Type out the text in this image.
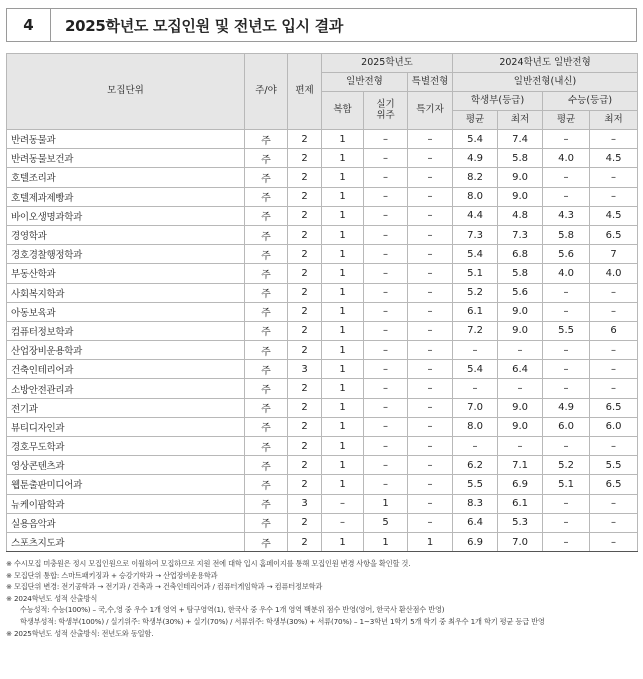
4	2025학년도 모집인원 및 전년도 입시 결과
모집단위	주/야	편제	2025학년도			2024학년도 일반전형			
			일반전형		특별전형	일반전형(내신)			
			복합	실기위주	특기자	학생부(등급)		수능(등급)	
						평균	최저	평균	최저
반려동물과	주	2	1	–	–	5.4	7.4	–	–
반려동물보건과	주	2	1	–	–	4.9	5.8	4.0	4.5
호텔조리과	주	2	1	–	–	8.2	9.0	–	–
호텔제과제빵과	주	2	1	–	–	8.0	9.0	–	–
바이오생명과학과	주	2	1	–	–	4.4	4.8	4.3	4.5
경영학과	주	2	1	–	–	7.3	7.3	5.8	6.5
경호경찰행정학과	주	2	1	–	–	5.4	6.8	5.6	7
부동산학과	주	2	1	–	–	5.1	5.8	4.0	4.0
사회복지학과	주	2	1	–	–	5.2	5.6	–	–
아동보육과	주	2	1	–	–	6.1	9.0	–	–
컴퓨터정보학과	주	2	1	–	–	7.2	9.0	5.5	6
산업장비운용학과	주	2	1	–	–	–	–	–	–
건축인테리어과	주	3	1	–	–	5.4	6.4	–	–
소방안전관리과	주	2	1	–	–	–	–	–	–
전기과	주	2	1	–	–	7.0	9.0	4.9	6.5
뷰티디자인과	주	2	1	–	–	8.0	9.0	6.0	6.0
경호무도학과	주	2	1	–	–	–	–	–	–
영상콘텐츠과	주	2	1	–	–	6.2	7.1	5.2	5.5
웹툰출판미디어과	주	2	1	–	–	5.5	6.9	5.1	6.5
뉴케이팝학과	주	3	–	1	–	8.3	6.1	–	–
실용음악과	주	2	–	5	–	6.4	5.3	–	–
스포츠지도과	주	2	1	1	1	6.9	7.0	–	–
※ 수시모집 미충원은 정시 모집인원으로 이월하여 모집하므로 지원 전에 대학 입시 홈페이지를 통해 모집인원 변경 사항을 확인할 것.
※ 모집단위 통합: 스마트패키징과 + 승강기학과 → 산업장비운용학과
※ 모집단위 변경: 전기공학과 → 전기과 / 건축과 → 건축인테리어과 / 컴퓨터게임학과 → 컴퓨터정보학과
※ 2024학년도 성적 산출방식
수능성적: 수능(100%) – 국,수,영 중 우수 1개 영역 + 탐구영역(1), 한국사 중 우수 1개 영역 백분위 점수 반영(영어, 한국사 환산점수 반영)
학생부성적: 학생부(100%) / 실기위주: 학생부(30%) + 실기(70%) / 서류위주: 학생부(30%) + 서류(70%) – 1~3학년 1학기 5개 학기 중 최우수 1개 학기 평균 등급 반영
※ 2025학년도 성적 산출방식: 전년도와 동일함.
